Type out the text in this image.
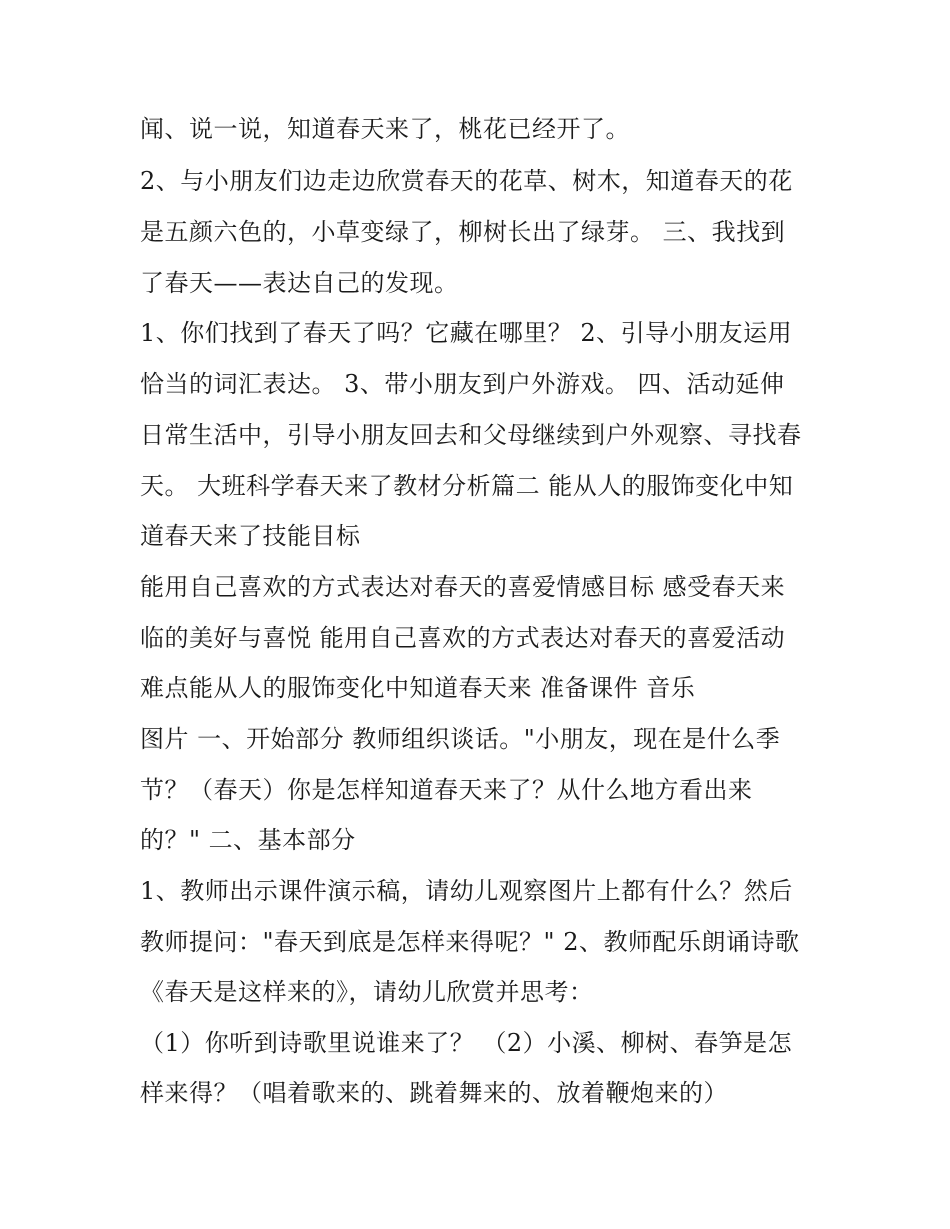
闻、说一说，知道春天来了，桃花已经开了。
2、与小朋友们边走边欣赏春天的花草、树木，知道春天的花
是五颜六色的，小草变绿了，柳树长出了绿芽。 三、我找到
了春天——表达自己的发现。
1、你们找到了春天了吗？它藏在哪里？ 2、引导小朋友运用
恰当的词汇表达。 3、带小朋友到户外游戏。 四、活动延伸
日常生活中，引导小朋友回去和父母继续到户外观察、寻找春
天。 大班科学春天来了教材分析篇二 能从人的服饰变化中知
道春天来了技能目标
能用自己喜欢的方式表达对春天的喜爱情感目标 感受春天来
临的美好与喜悦 能用自己喜欢的方式表达对春天的喜爱活动
难点能从人的服饰变化中知道春天来 准备课件 音乐
图片 一、开始部分 教师组织谈话。"小朋友，现在是什么季
节？（春天）你是怎样知道春天来了？从什么地方看出来
的？" 二、基本部分
1、教师出示课件演示稿，请幼儿观察图片上都有什么？然后
教师提问："春天到底是怎样来得呢？" 2、教师配乐朗诵诗歌
《春天是这样来的》，请幼儿欣赏并思考：
（1）你听到诗歌里说谁来了？ （2）小溪、柳树、春笋是怎
样来得？（唱着歌来的、跳着舞来的、放着鞭炮来的）
